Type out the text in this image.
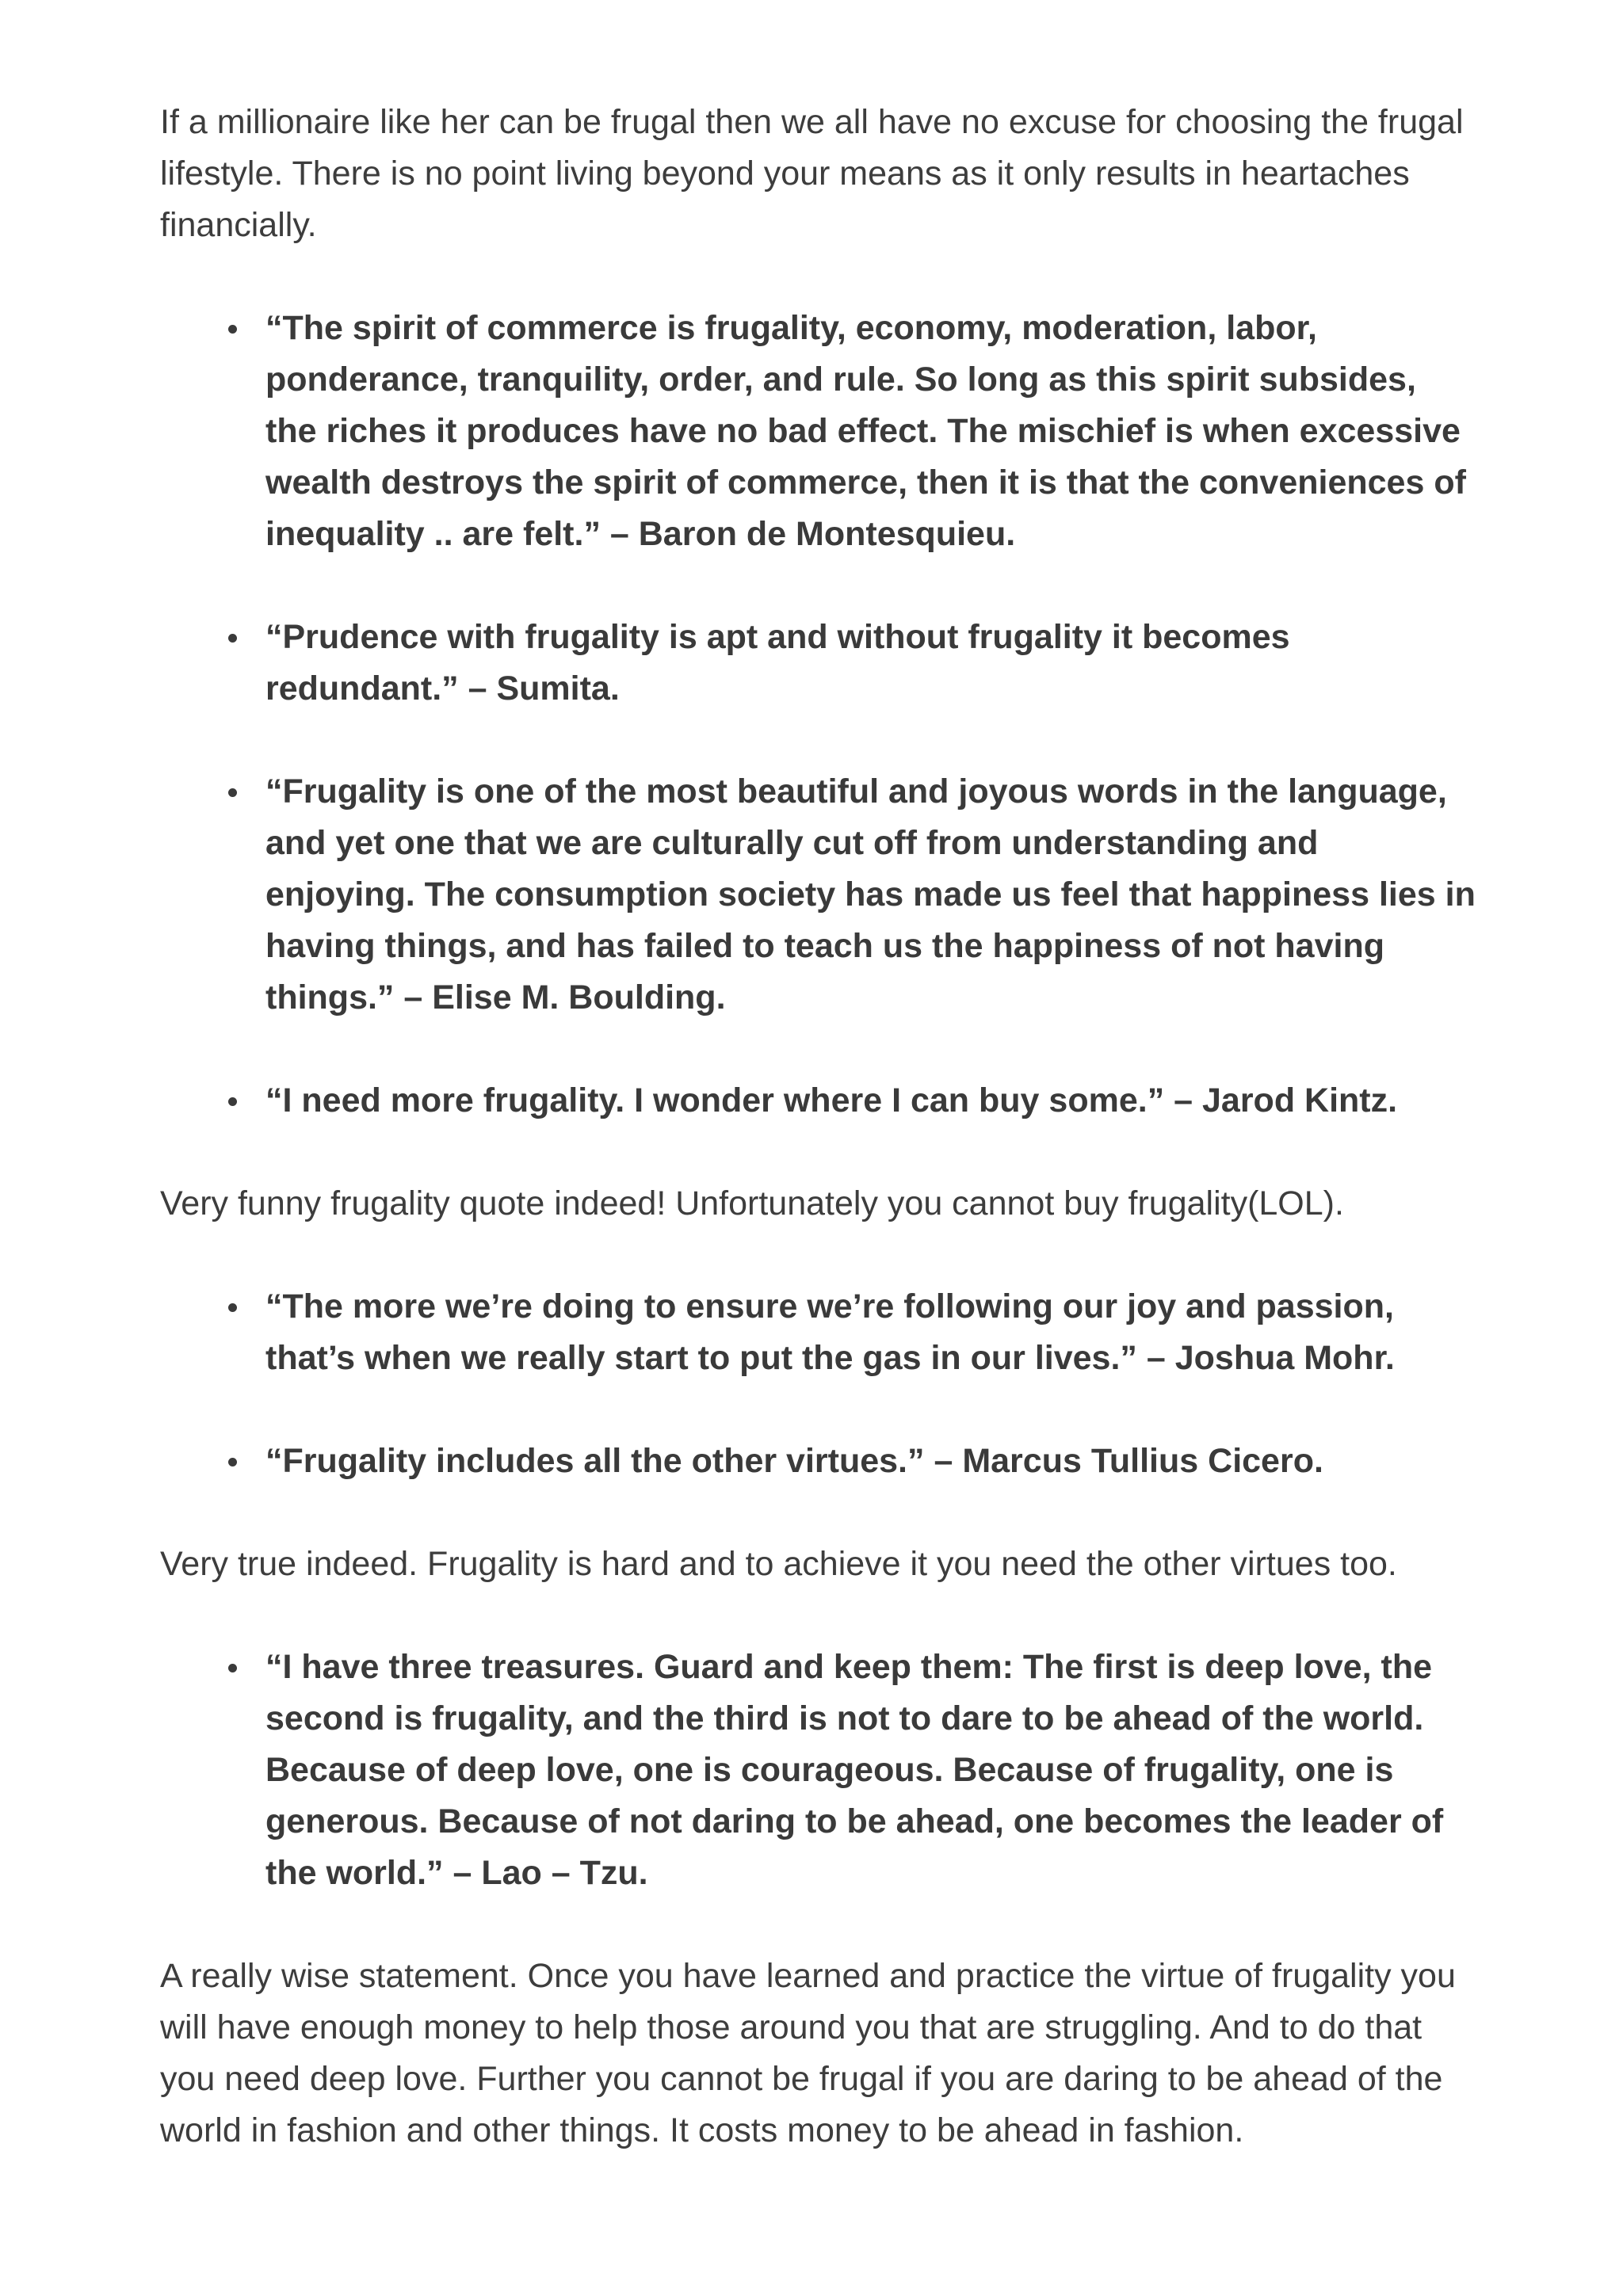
If a millionaire like her can be frugal then we all have no excuse for choosing the frugal lifestyle. There is no point living beyond your means as it only results in heartaches financially.

“The spirit of commerce is frugality, economy, moderation, labor, ponderance, tranquility, order, and rule. So long as this spirit subsides, the riches it produces have no bad effect. The mischief is when excessive wealth destroys the spirit of commerce, then it is that the conveniences of inequality .. are felt.” – Baron de Montesquieu.
“Prudence with frugality is apt and without frugality it becomes redundant.” – Sumita.
“Frugality is one of the most beautiful and joyous words in the language, and yet one that we are culturally cut off from understanding and enjoying. The consumption society has made us feel that happiness lies in having things, and has failed to teach us the happiness of not having things.” – Elise M. Boulding.
“I need more frugality. I wonder where I can buy some.” – Jarod Kintz.

Very funny frugality quote indeed! Unfortunately you cannot buy frugality(LOL).

“The more we’re doing to ensure we’re following our joy and passion, that’s when we really start to put the gas in our lives.” – Joshua Mohr.
“Frugality includes all the other virtues.” – Marcus Tullius Cicero.

Very true indeed. Frugality is hard and to achieve it you need the other virtues too.

“I have three treasures. Guard and keep them: The first is deep love, the second is frugality, and the third is not to dare to be ahead of the world. Because of deep love, one is courageous. Because of frugality, one is generous. Because of not daring to be ahead, one becomes the leader of the world.” – Lao – Tzu.

A really wise statement. Once you have learned and practice the virtue of frugality you will have enough money to help those around you that are struggling. And to do that you need deep love. Further you cannot be frugal if you are daring to be ahead of the world in fashion and other things. It costs money to be ahead in fashion.
